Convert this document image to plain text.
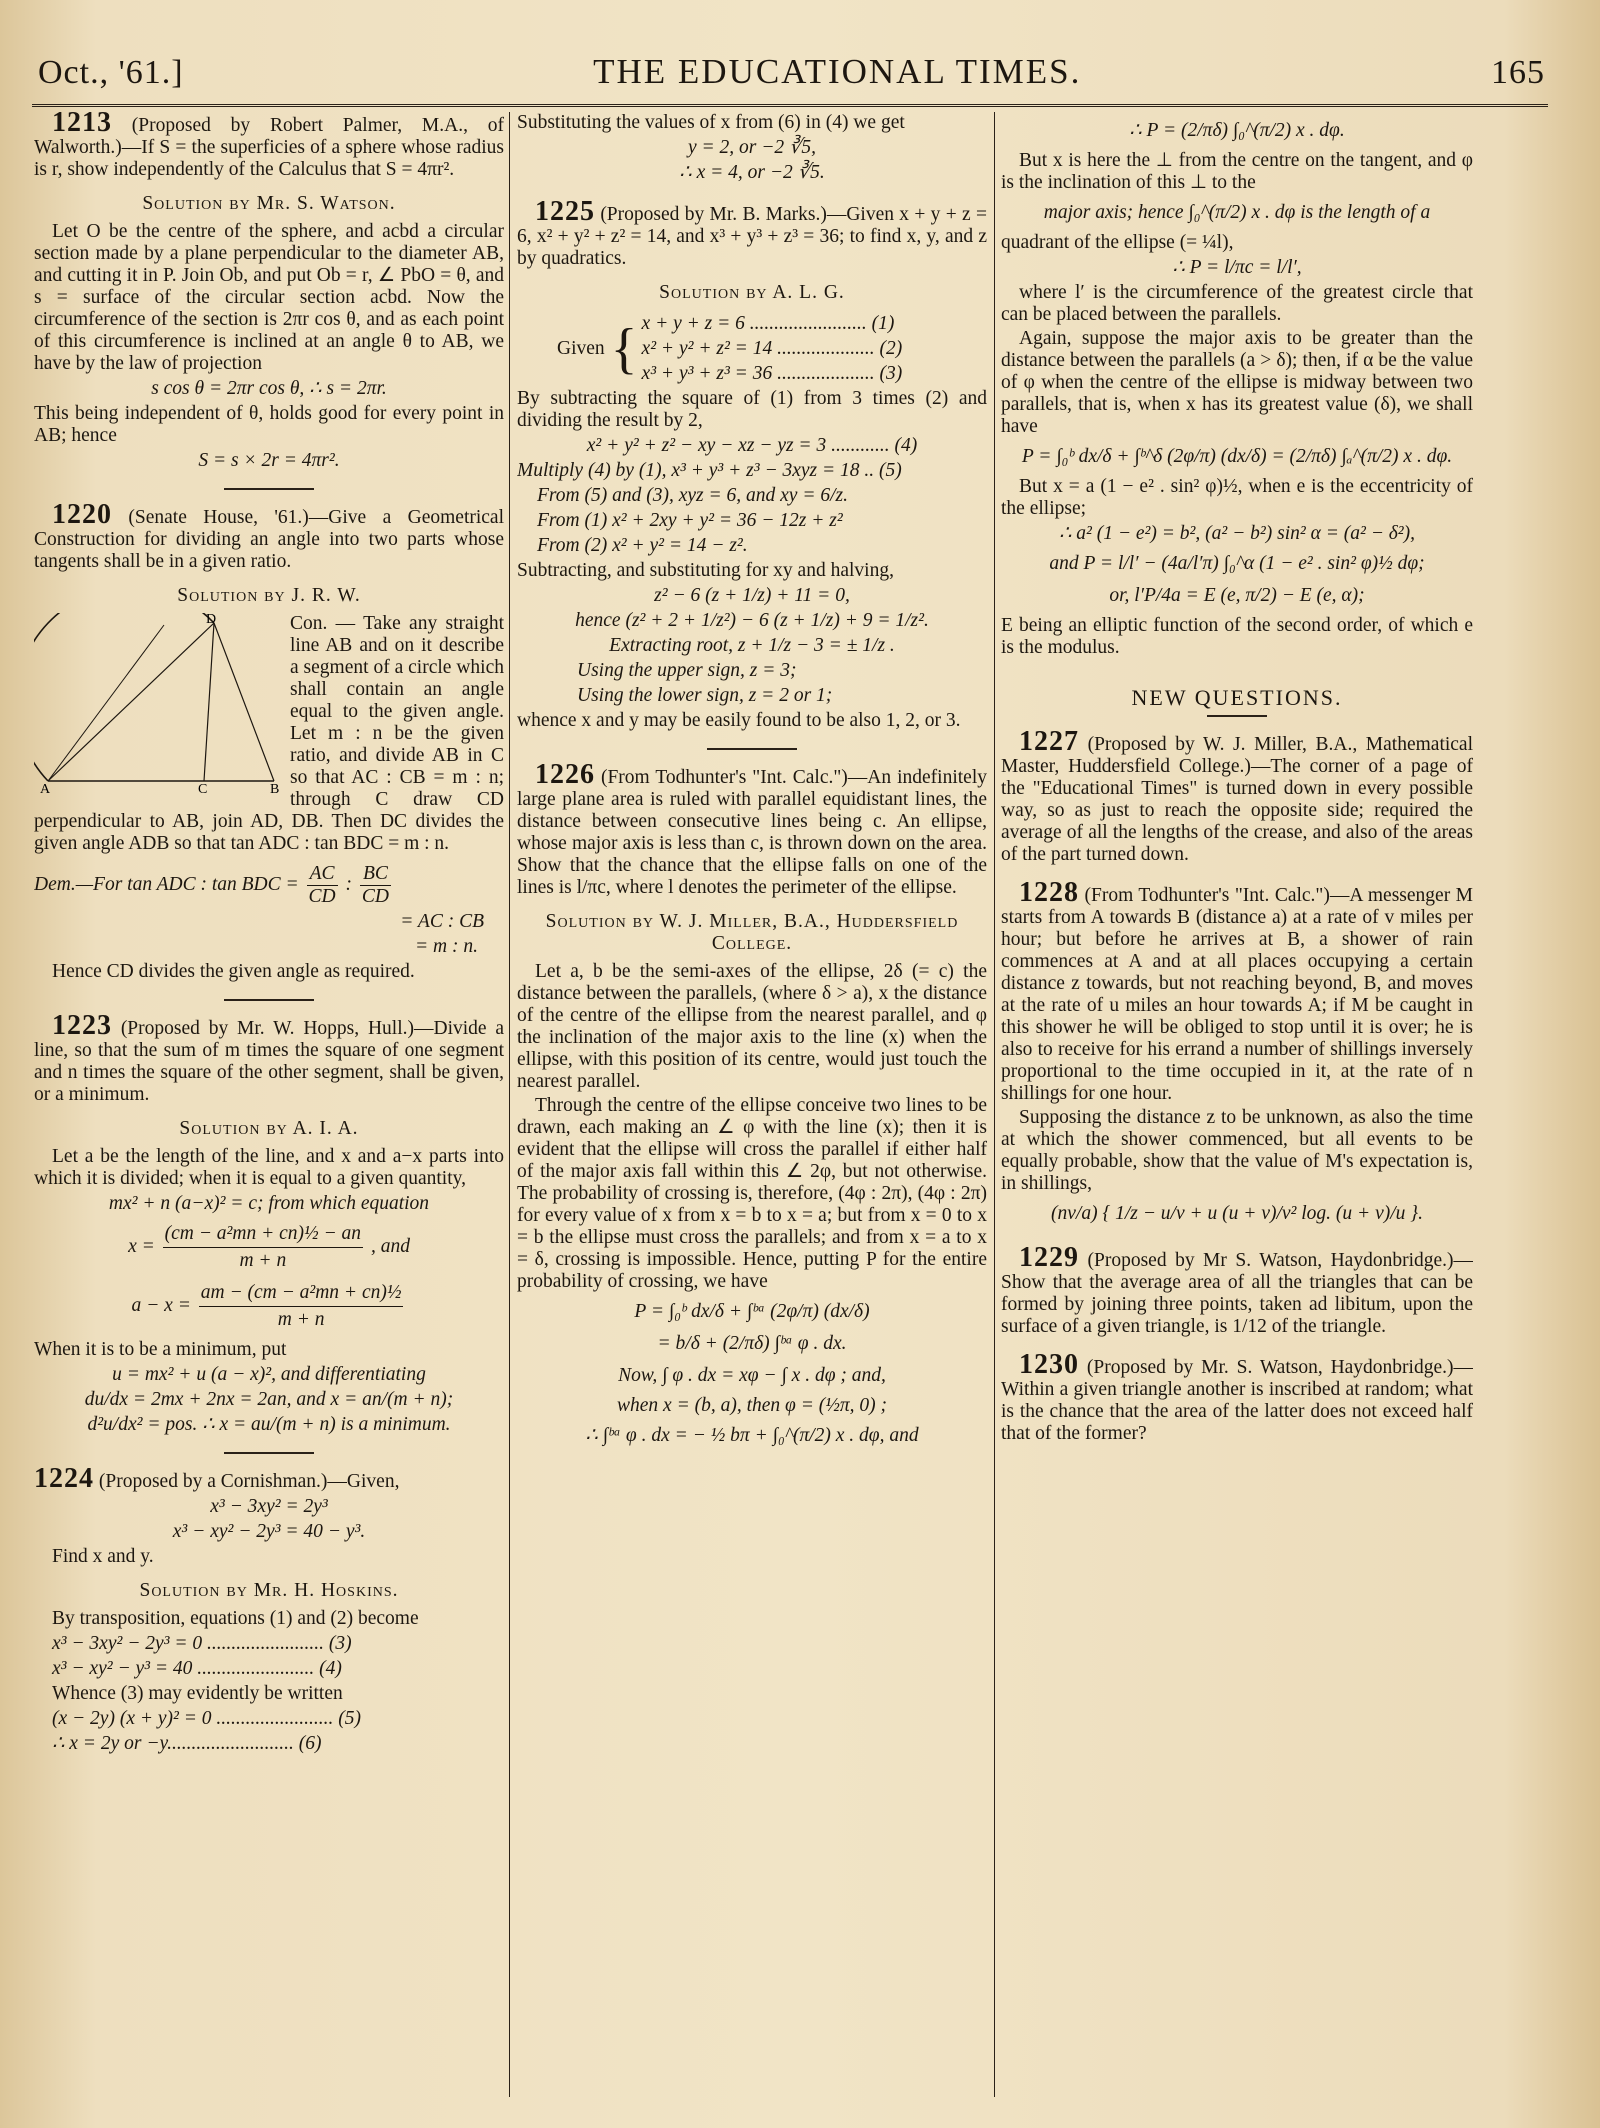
Oct., '61.]	THE EDUCATIONAL TIMES.	165

1213 (Proposed by Robert Palmer, M.A., of Walworth.)—If S = the superficies of a sphere whose radius is r, show independently of the Calculus that S = 4πr².

Solution by Mr. S. Watson.

Let O be the centre of the sphere, and acbd a circular section made by a plane perpendicular to the diameter AB, and cutting it in P. Join Ob, and put Ob = r, ∠ PbO = θ, and s = surface of the circular section acbd. Now the circumference of the section is 2πr cos θ, and as each point of this circumference is inclined at an angle θ to AB, we have by the law of projection

s cos θ = 2πr cos θ, ∴ s = 2πr.

This being independent of θ, holds good for every point in AB; hence

S = s × 2r = 4πr².

1220 (Senate House, '61.)—Give a Geometrical Construction for dividing an angle into two parts whose tangents shall be in a given ratio.

Solution by J. R. W.

D
A	C	B

Con. — Take any straight line AB and on it describe a segment of a circle which shall contain an angle equal to the given angle. Let m : n be the given ratio, and divide AB in C so that AC : CB = m : n; through C draw CD perpendicular to AB, join AD, DB. Then DC divides the given angle ADB so that tan ADC : tan BDC = m : n.

Dem.—For tan ADC : tan BDC = $\frac{AC}{CD}$ : $\frac{BC}{CD}$

= AC : CB

= m : n.

Hence CD divides the given angle as required.

1223 (Proposed by Mr. W. Hopps, Hull.)—Divide a line, so that the sum of m times the square of one segment and n times the square of the other segment, shall be given, or a minimum.

Solution by A. I. A.

Let a be the length of the line, and x and a−x parts into which it is divided; when it is equal to a given quantity,

mx² + n (a−x)² = c; from which equation

$x = \frac{\text{(cm − a²mn + cn)½ − an}}{m + n}$ , and

$a - x = \frac{\text{am − (cm − a²mn + cn)½}}{m + n}$

When it is to be a minimum, put

u = mx² + u (a − x)², and differentiating

du/dx = 2mx + 2nx = 2an, and x = an/(m + n);

d²u/dx² = pos. ∴ x = au/(m + n) is a minimum.

1224 (Proposed by a Cornishman.)—Given,

x³ − 3xy² = 2y³

x³ − xy² − 2y³ = 40 − y³.

Find x and y.

Solution by Mr. H. Hoskins.

By transposition, equations (1) and (2) become

x³ − 3xy² − 2y³ = 0 ........................ (3)

x³ − xy² − y³ = 40 ........................ (4)

Whence (3) may evidently be written

(x − 2y) (x + y)² = 0 ........................ (5)

∴ x = 2y or −y.......................... (6)

Substituting the values of x from (6) in (4) we get

y = 2, or −2 ∛5,

∴ x = 4, or −2 ∛5.

1225 (Proposed by Mr. B. Marks.)—Given x + y + z = 6, x² + y² + z² = 14, and x³ + y³ + z³ = 36; to find x, y, and z by quadratics.

Solution by A. L. G.

Given { x + y + z = 6 ........................ (1)

x² + y² + z² = 14 .................... (2)

x³ + y³ + z³ = 36 .................... (3)

By subtracting the square of (1) from 3 times (2) and dividing the result by 2,

x² + y² + z² − xy − xz − yz = 3 ............ (4)

Multiply (4) by (1), x³ + y³ + z³ − 3xyz = 18 .. (5)

From (5) and (3), xyz = 6, and xy = 6/z.

From (1) x² + 2xy + y² = 36 − 12z + z²

From (2) x² + y² = 14 − z².

Subtracting, and substituting for xy and halving,

z² − 6 (z + 1/z) + 11 = 0,

hence (z² + 2 + 1/z²) − 6 (z + 1/z) + 9 = 1/z².

Extracting root, z + 1/z − 3 = ± 1/z .

Using the upper sign, z = 3;

Using the lower sign, z = 2 or 1;

whence x and y may be easily found to be also 1, 2, or 3.

1226 (From Todhunter's "Int. Calc.")—An indefinitely large plane area is ruled with parallel equidistant lines, the distance between consecutive lines being c. An ellipse, whose major axis is less than c, is thrown down on the area. Show that the chance that the ellipse falls on one of the lines is l/πc, where l denotes the perimeter of the ellipse.

Solution by W. J. Miller, B.A., Huddersfield College.

Let a, b be the semi-axes of the ellipse, 2δ (= c) the distance between the parallels, (where δ > a), x the distance of the centre of the ellipse from the nearest parallel, and φ the inclination of the major axis to the line (x) when the ellipse, with this position of its centre, would just touch the nearest parallel.

Through the centre of the ellipse conceive two lines to be drawn, each making an ∠ φ with the line (x); then it is evident that the ellipse will cross the parallel if either half of the major axis fall within this ∠ 2φ, but not otherwise. The probability of crossing is, therefore, (4φ : 2π), (4φ : 2π) for every value of x from x = b to x = a; but from x = 0 to x = b the ellipse must cross the parallels; and from x = a to x = δ, crossing is impossible. Hence, putting P for the entire probability of crossing, we have

P = ∫₀ᵇ dx/δ + ∫ᵇᵃ (2φ/π) (dx/δ)

= b/δ + (2/πδ) ∫ᵇᵃ φ . dx.

Now, ∫ φ . dx = xφ − ∫ x . dφ ; and,

when x = (b, a), then φ = (½π, 0) ;

∴ ∫ᵇᵃ φ . dx = − ½ bπ + ∫₀^(π/2) x . dφ, and

∴ P = (2/πδ) ∫₀^(π/2) x . dφ.

But x is here the ⊥ from the centre on the tangent, and φ is the inclination of this ⊥ to the

major axis; hence ∫₀^(π/2) x . dφ is the length of a

quadrant of the ellipse (= ¼l),

∴ P = l/πc = l/l′,

where l′ is the circumference of the greatest circle that can be placed between the parallels.

Again, suppose the major axis to be greater than the distance between the parallels (a > δ); then, if α be the value of φ when the centre of the ellipse is midway between two parallels, that is, when x has its greatest value (δ), we shall have

P = ∫₀ᵇ dx/δ + ∫ᵇ^δ (2φ/π) (dx/δ) = (2/πδ) ∫ₐ^(π/2) x . dφ.

But x = a (1 − e² . sin² φ)½, when e is the eccentricity of the ellipse;

∴ a² (1 − e²) = b², (a² − b²) sin² α = (a² − δ²),

and P = l/l′ − (4a/l′π) ∫₀^α (1 − e² . sin² φ)½ dφ;

or, l′P/4a = E (e, π/2) − E (e, α);

E being an elliptic function of the second order, of which e is the modulus.

NEW QUESTIONS.

1227 (Proposed by W. J. Miller, B.A., Mathematical Master, Huddersfield College.)—The corner of a page of the "Educational Times" is turned down in every possible way, so as just to reach the opposite side; required the average of all the lengths of the crease, and also of the areas of the part turned down.

1228 (From Todhunter's "Int. Calc.")—A messenger M starts from A towards B (distance a) at a rate of v miles per hour; but before he arrives at B, a shower of rain commences at A and at all places occupying a certain distance z towards, but not reaching beyond, B, and moves at the rate of u miles an hour towards A; if M be caught in this shower he will be obliged to stop until it is over; he is also to receive for his errand a number of shillings inversely proportional to the time occupied in it, at the rate of n shillings for one hour.

Supposing the distance z to be unknown, as also the time at which the shower commenced, but all events to be equally probable, show that the value of M's expectation is, in shillings,

(nv/a) { 1/z − u/v + u (u + v)/v² log. (u + v)/u }.

1229 (Proposed by Mr S. Watson, Haydonbridge.)—Show that the average area of all the triangles that can be formed by joining three points, taken ad libitum, upon the surface of a given triangle, is 1/12 of the triangle.

1230 (Proposed by Mr. S. Watson, Haydonbridge.)—Within a given triangle another is inscribed at random; what is the chance that the area of the latter does not exceed half that of the former?
